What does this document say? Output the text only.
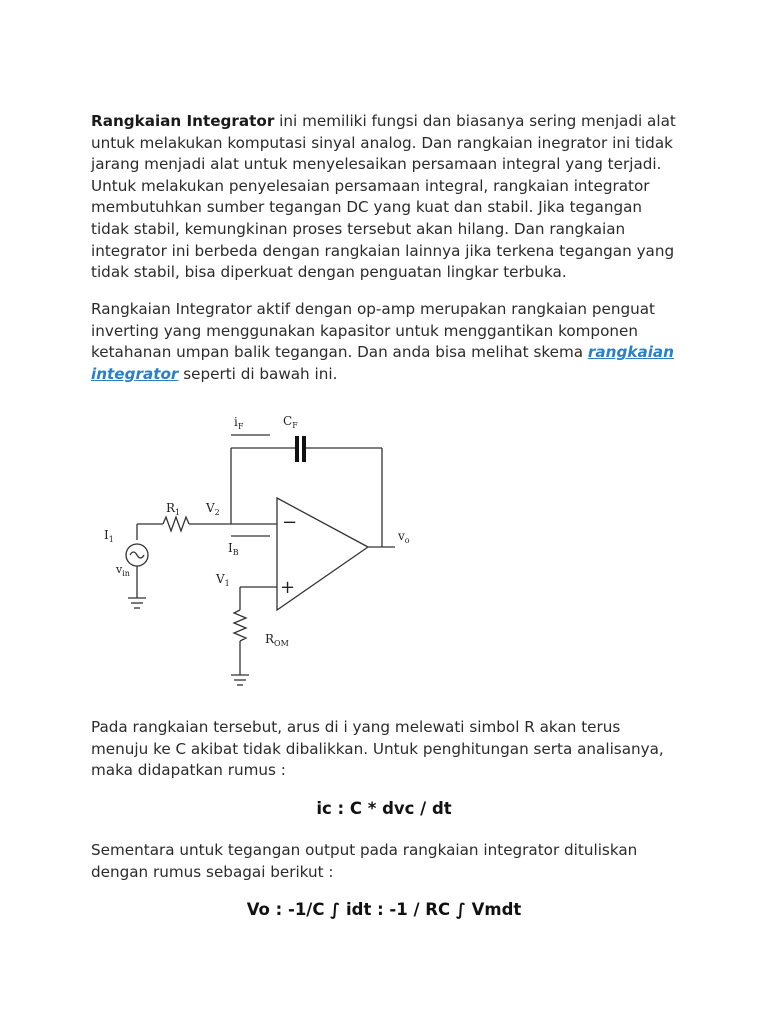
Rangkaian Integrator ini memiliki fungsi dan biasanya sering menjadi alat untuk melakukan komputasi sinyal analog. Dan rangkaian inegrator ini tidak jarang menjadi alat untuk menyelesaikan persamaan integral yang terjadi. Untuk melakukan penyelesaian persamaan integral, rangkaian integrator membutuhkan sumber tegangan DC yang kuat dan stabil. Jika tegangan tidak stabil, kemungkinan proses tersebut akan hilang. Dan rangkaian integrator ini berbeda dengan rangkaian lainnya jika terkena tegangan yang tidak stabil, bisa diperkuat dengan penguatan lingkar terbuka.

Rangkaian Integrator aktif dengan op-amp merupakan rangkaian penguat inverting yang menggunakan kapasitor untuk menggantikan komponen ketahanan umpan balik tegangan. Dan anda bisa melihat skema rangkaian integrator seperti di bawah ini.

$i_F$	$C_F$
$R_1$ $V_2$
$I_1$
$v_{in}$
$I_B$
$V_1$
$R_{OM}$
$v_o$
−
+

Pada rangkaian tersebut, arus di i yang melewati simbol R akan terus menuju ke C akibat tidak dibalikkan. Untuk penghitungan serta analisanya, maka didapatkan rumus :

ic : C * dvc / dt

Sementara untuk tegangan output pada rangkaian integrator dituliskan dengan rumus sebagai berikut :

Vo : -1/C ∫ idt : -1 / RC ∫ Vmdt
